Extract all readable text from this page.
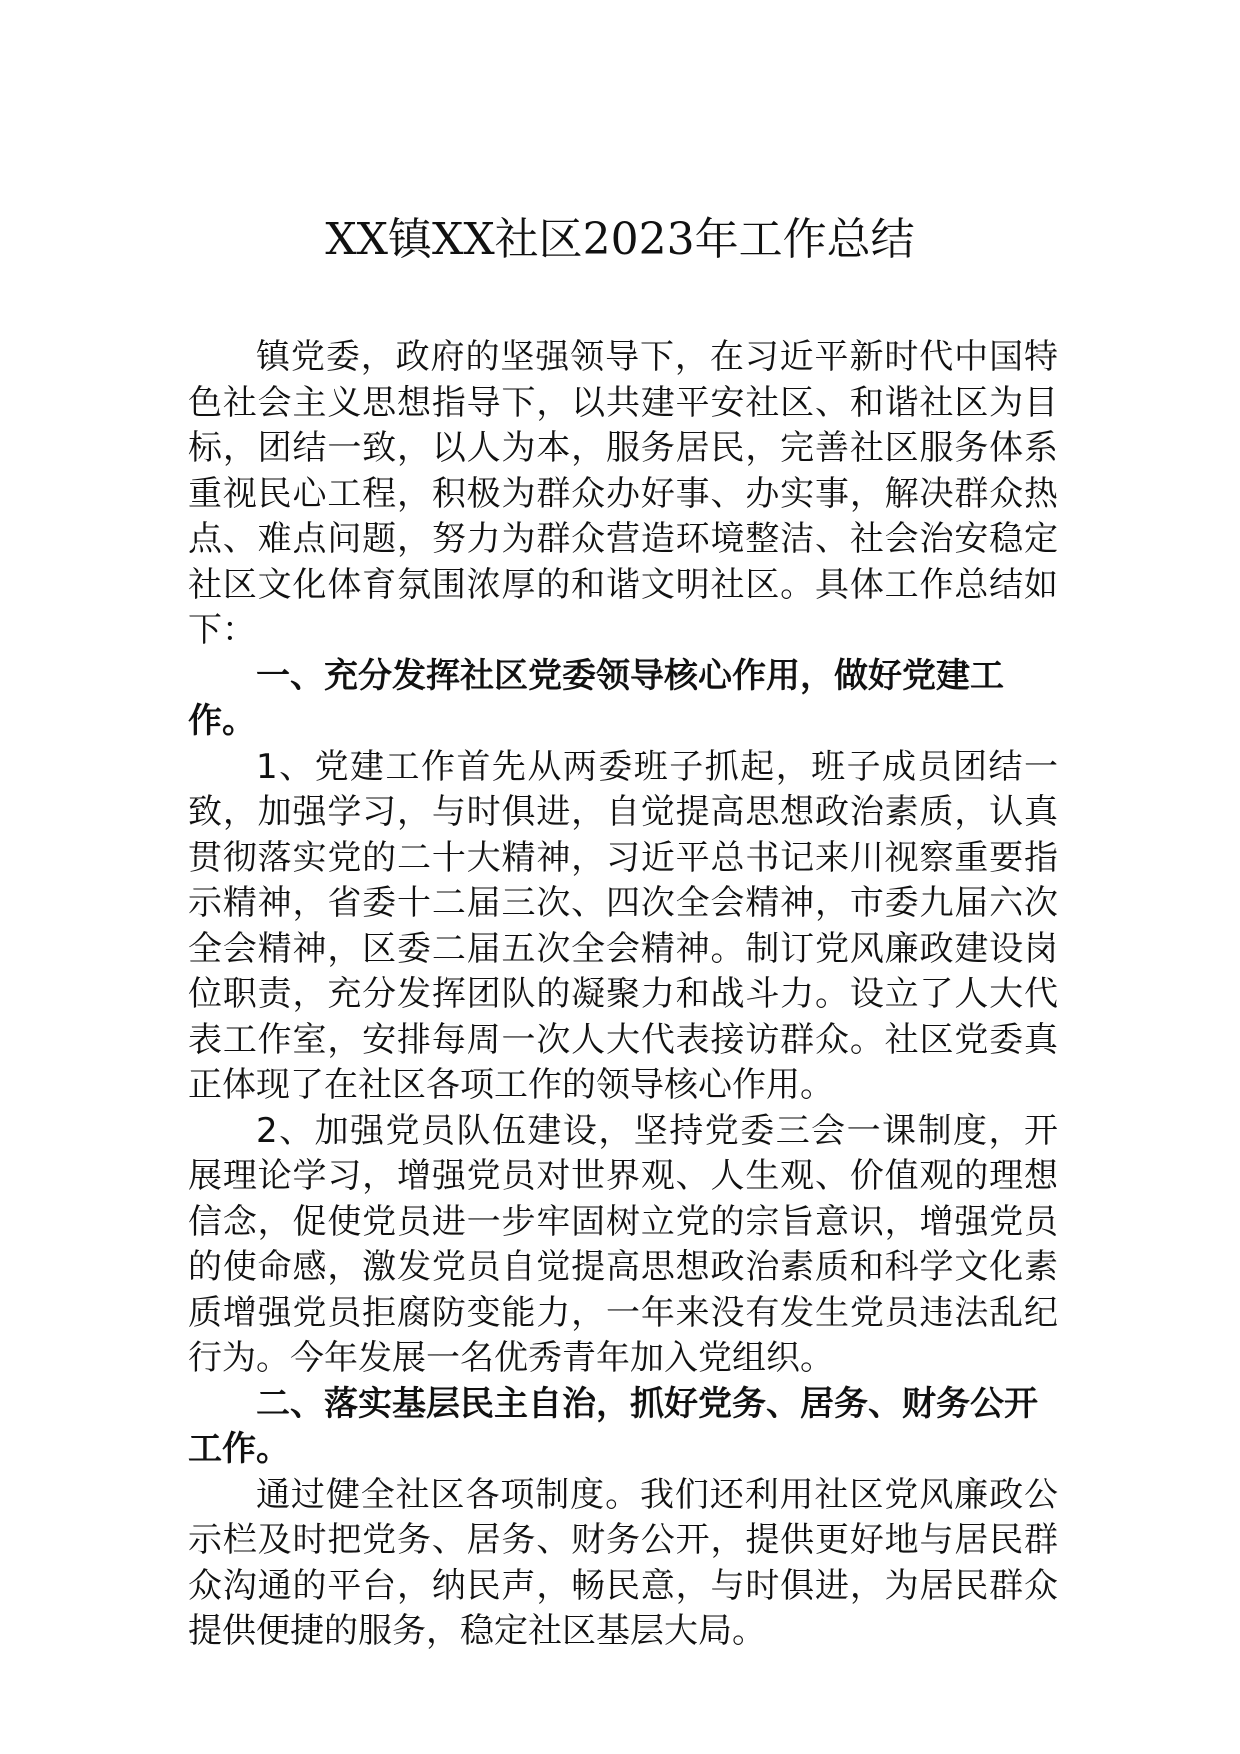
XX镇XX社区2023年工作总结

镇党委，政府的坚强领导下，在习近平新时代中国特色社会主义思想指导下，以共建平安社区、和谐社区为目标，团结一致，以人为本，服务居民，完善社区服务体系重视民心工程，积极为群众办好事、办实事，解决群众热点、难点问题，努力为群众营造环境整洁、社会治安稳定社区文化体育氛围浓厚的和谐文明社区。具体工作总结如下：

一、充分发挥社区党委领导核心作用，做好党建工作。

1、党建工作首先从两委班子抓起，班子成员团结一致，加强学习，与时俱进，自觉提高思想政治素质，认真贯彻落实党的二十大精神，习近平总书记来川视察重要指示精神，省委十二届三次、四次全会精神，市委九届六次全会精神，区委二届五次全会精神。制订党风廉政建设岗位职责，充分发挥团队的凝聚力和战斗力。设立了人大代表工作室，安排每周一次人大代表接访群众。社区党委真正体现了在社区各项工作的领导核心作用。

2、加强党员队伍建设，坚持党委三会一课制度，开展理论学习，增强党员对世界观、人生观、价值观的理想信念，促使党员进一步牢固树立党的宗旨意识，增强党员的使命感，激发党员自觉提高思想政治素质和科学文化素质增强党员拒腐防变能力，一年来没有发生党员违法乱纪行为。今年发展一名优秀青年加入党组织。

二、落实基层民主自治，抓好党务、居务、财务公开工作。

通过健全社区各项制度。我们还利用社区党风廉政公示栏及时把党务、居务、财务公开，提供更好地与居民群众沟通的平台，纳民声，畅民意，与时俱进，为居民群众提供便捷的服务，稳定社区基层大局。
